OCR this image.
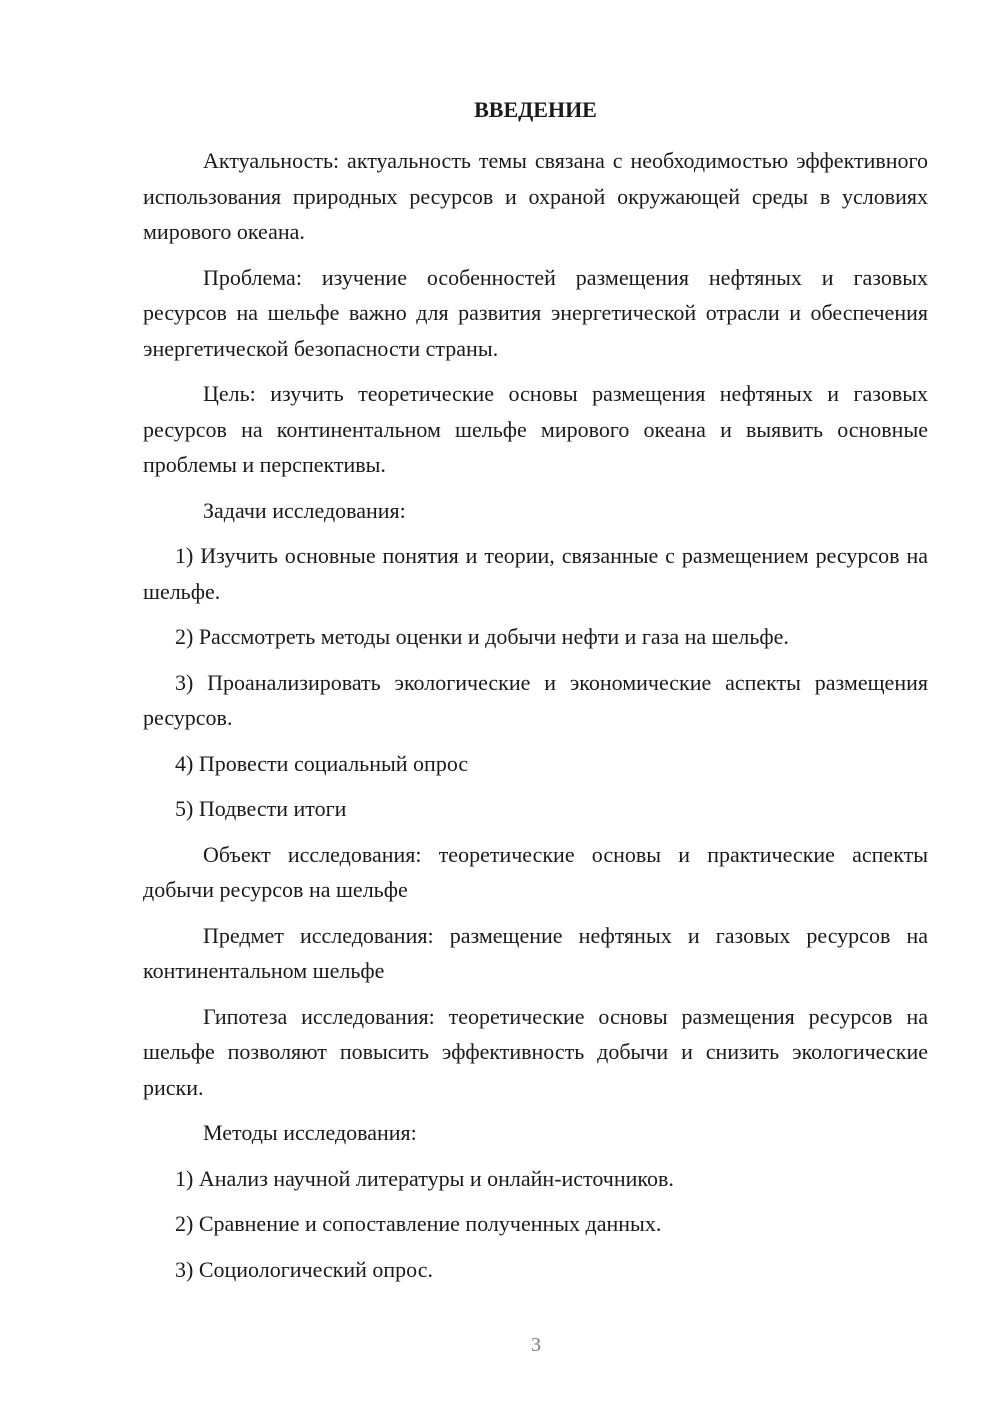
ВВЕДЕНИЕ

Актуальность: актуальность темы связана с необходимостью эффективного использования природных ресурсов и охраной окружающей среды в условиях мирового океана.

Проблема: изучение особенностей размещения нефтяных и газовых ресурсов на шельфе важно для развития энергетической отрасли и обеспечения энергетической безопасности страны.

Цель: изучить теоретические основы размещения нефтяных и газовых ресурсов на континентальном шельфе мирового океана и выявить основные проблемы и перспективы.

Задачи исследования:

1) Изучить основные понятия и теории, связанные с размещением ресурсов на шельфе.

2) Рассмотреть методы оценки и добычи нефти и газа на шельфе.

3) Проанализировать экологические и экономические аспекты размещения ресурсов.

4) Провести социальный опрос

5) Подвести итоги

Объект исследования: теоретические основы и практические аспекты добычи ресурсов на шельфе

Предмет исследования: размещение нефтяных и газовых ресурсов на континентальном шельфе

Гипотеза исследования: теоретические основы размещения ресурсов на шельфе позволяют повысить эффективность добычи и снизить экологические риски.

Методы исследования:

1) Анализ научной литературы и онлайн-источников.

2) Сравнение и сопоставление полученных данных.

3) Социологический опрос.

3
